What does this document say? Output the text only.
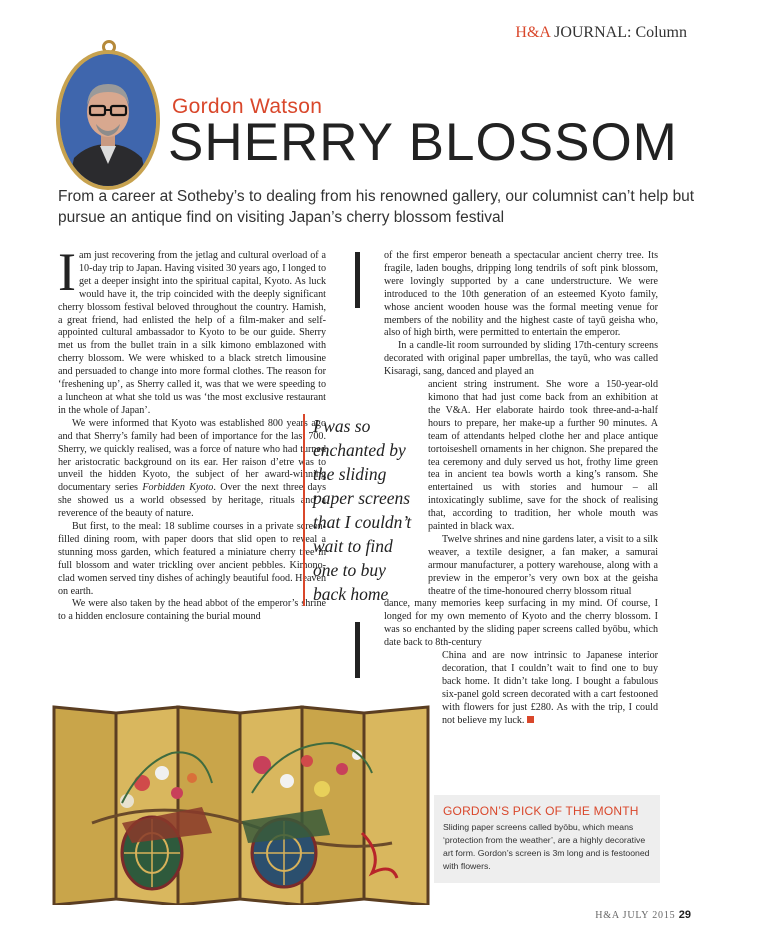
H&A JOURNAL: Column
Gordon Watson
SHERRY BLOSSOM
From a career at Sotheby’s to dealing from his renowned gallery, our columnist can’t help but pursue an antique find on visiting Japan’s cherry blossom festival

Iam just recovering from the jetlag and cultural overload of a 10-day trip to Japan. Having visited 30 years ago, I longed to get a deeper insight into the spiritual capital, Kyoto. As luck would have it, the trip coincided with the deeply significant cherry blossom festival beloved throughout the country. Hamish, a great friend, had enlisted the help of a film-maker and self-appointed cultural ambassador to Kyoto to be our guide. Sherry met us from the bullet train in a silk kimono emblazoned with cherry blossom. We were whisked to a black stretch limousine and persuaded to change into more formal clothes. The reason for ‘freshening up’, as Sherry called it, was that we were speeding to a luncheon at what she told us was ‘the most exclusive restaurant in the whole of Japan’.

We were informed that Kyoto was established 800 years ago and that Sherry’s family had been of importance for the last 700. Sherry, we quickly realised, was a force of nature who had turned her aristocratic background on its ear. Her raison d’etre was to unveil the hidden Kyoto, the subject of her award-winning documentary series Forbidden Kyoto. Over the next three days she showed us a world obsessed by heritage, rituals and a reverence of the beauty of nature.

But first, to the meal: 18 sublime courses in a private screen-filled dining room, with paper doors that slid open to reveal a stunning moss garden, which featured a miniature cherry tree in full blossom and water trickling over ancient pebbles. Kimono-clad women served tiny dishes of achingly beautiful food. Heaven on earth.

We were also taken by the head abbot of the emperor’s shrine to a hidden enclosure containing the burial mound

I was so enchanted by the sliding paper screens that I couldn’t wait to find one to buy back home

of the first emperor beneath a spectacular ancient cherry tree. Its fragile, laden boughs, dripping long tendrils of soft pink blossom, were lovingly supported by a cane understructure. We were introduced to the 10th generation of an esteemed Kyoto family, whose ancient wooden house was the formal meeting venue for members of the nobility and the highest caste of tayū geisha who, also of high birth, were permitted to entertain the emperor.

In a candle-lit room surrounded by sliding 17th-century screens decorated with original paper umbrellas, the tayū, who was called Kisaragi, sang, danced and played an

ancient string instrument. She wore a 150-year-old kimono that had just come back from an exhibition at the V&A. Her elaborate hairdo took three-and-a-half hours to prepare, her make-up a further 90 minutes. A team of attendants helped clothe her and place antique tortoiseshell ornaments in her chignon. She prepared the tea ceremony and duly served us hot, frothy lime green tea in ancient tea bowls worth a king’s ransom. She entertained us with stories and humour – all intoxicatingly sublime, save for the shock of realising that, according to tradition, her whole mouth was painted in black wax.

Twelve shrines and nine gardens later, a visit to a silk weaver, a textile designer, a fan maker, a samurai armour manufacturer, a pottery warehouse, along with a preview in the emperor’s very own box at the geisha theatre of the time-honoured cherry blossom ritual

dance, many memories keep surfacing in my mind. Of course, I longed for my own memento of Kyoto and the cherry blossom. I was so enchanted by the sliding paper screens called byōbu, which date back to 8th-century

China and are now intrinsic to Japanese interior decoration, that I couldn’t wait to find one to buy back home. It didn’t take long. I bought a fabulous six-panel gold screen decorated with a cart festooned with flowers for just £280. As with the trip, I could not believe my luck.

GORDON’S PICK OF THE MONTH
Sliding paper screens called byōbu, which means ‘protection from the weather’, are a highly decorative art form. Gordon’s screen is 3m long and is festooned with flowers.
H&A JULY 2015 29
